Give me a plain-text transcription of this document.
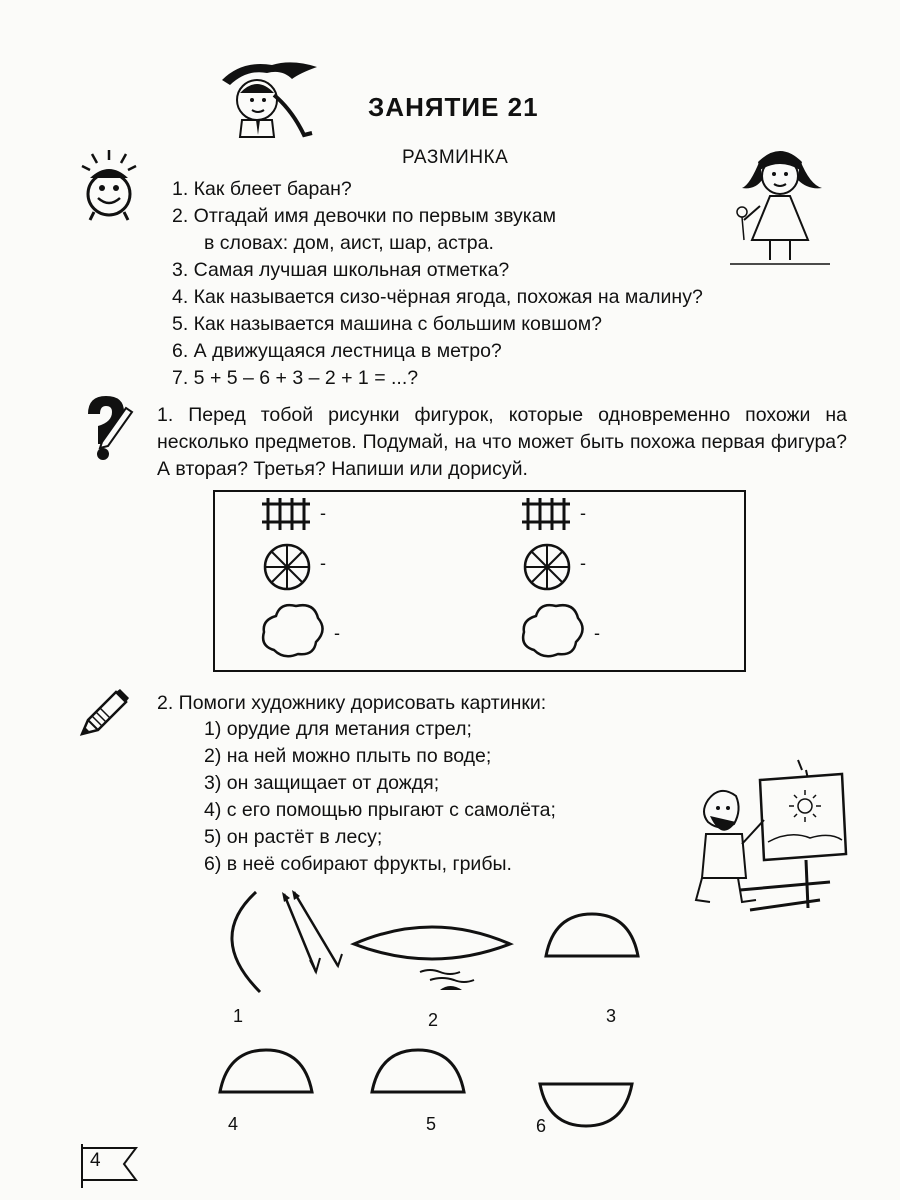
ЗАНЯТИЕ 21
РАЗМИНКА
1. Как блеет баран?
2. Отгадай имя девочки по первым звукам
в словах: дом, аист, шар, астра.
3. Самая лучшая школьная отметка?
4. Как называется сизо-чёрная ягода, похожая на малину?
5. Как называется машина с большим ковшом?
6. А движущаяся лестница в метро?
7. 5 + 5 – 6 + 3 – 2 + 1 = ...?
1. Перед тобой рисунки фигурок, которые одновременно похожи на несколько предметов. Подумай, на что может быть похожа первая фигура? А вторая? Третья? Напиши или дорисуй.
-
-
-
-
-
-
2. Помоги художнику дорисовать картинки:
1) орудие для метания стрел;
2) на ней можно плыть по воде;
3) он защищает от дождя;
4) с его помощью прыгают с самолёта;
5) он растёт в лесу;
6) в неё собирают фрукты, грибы.
1	2	3
4	5	6
4
